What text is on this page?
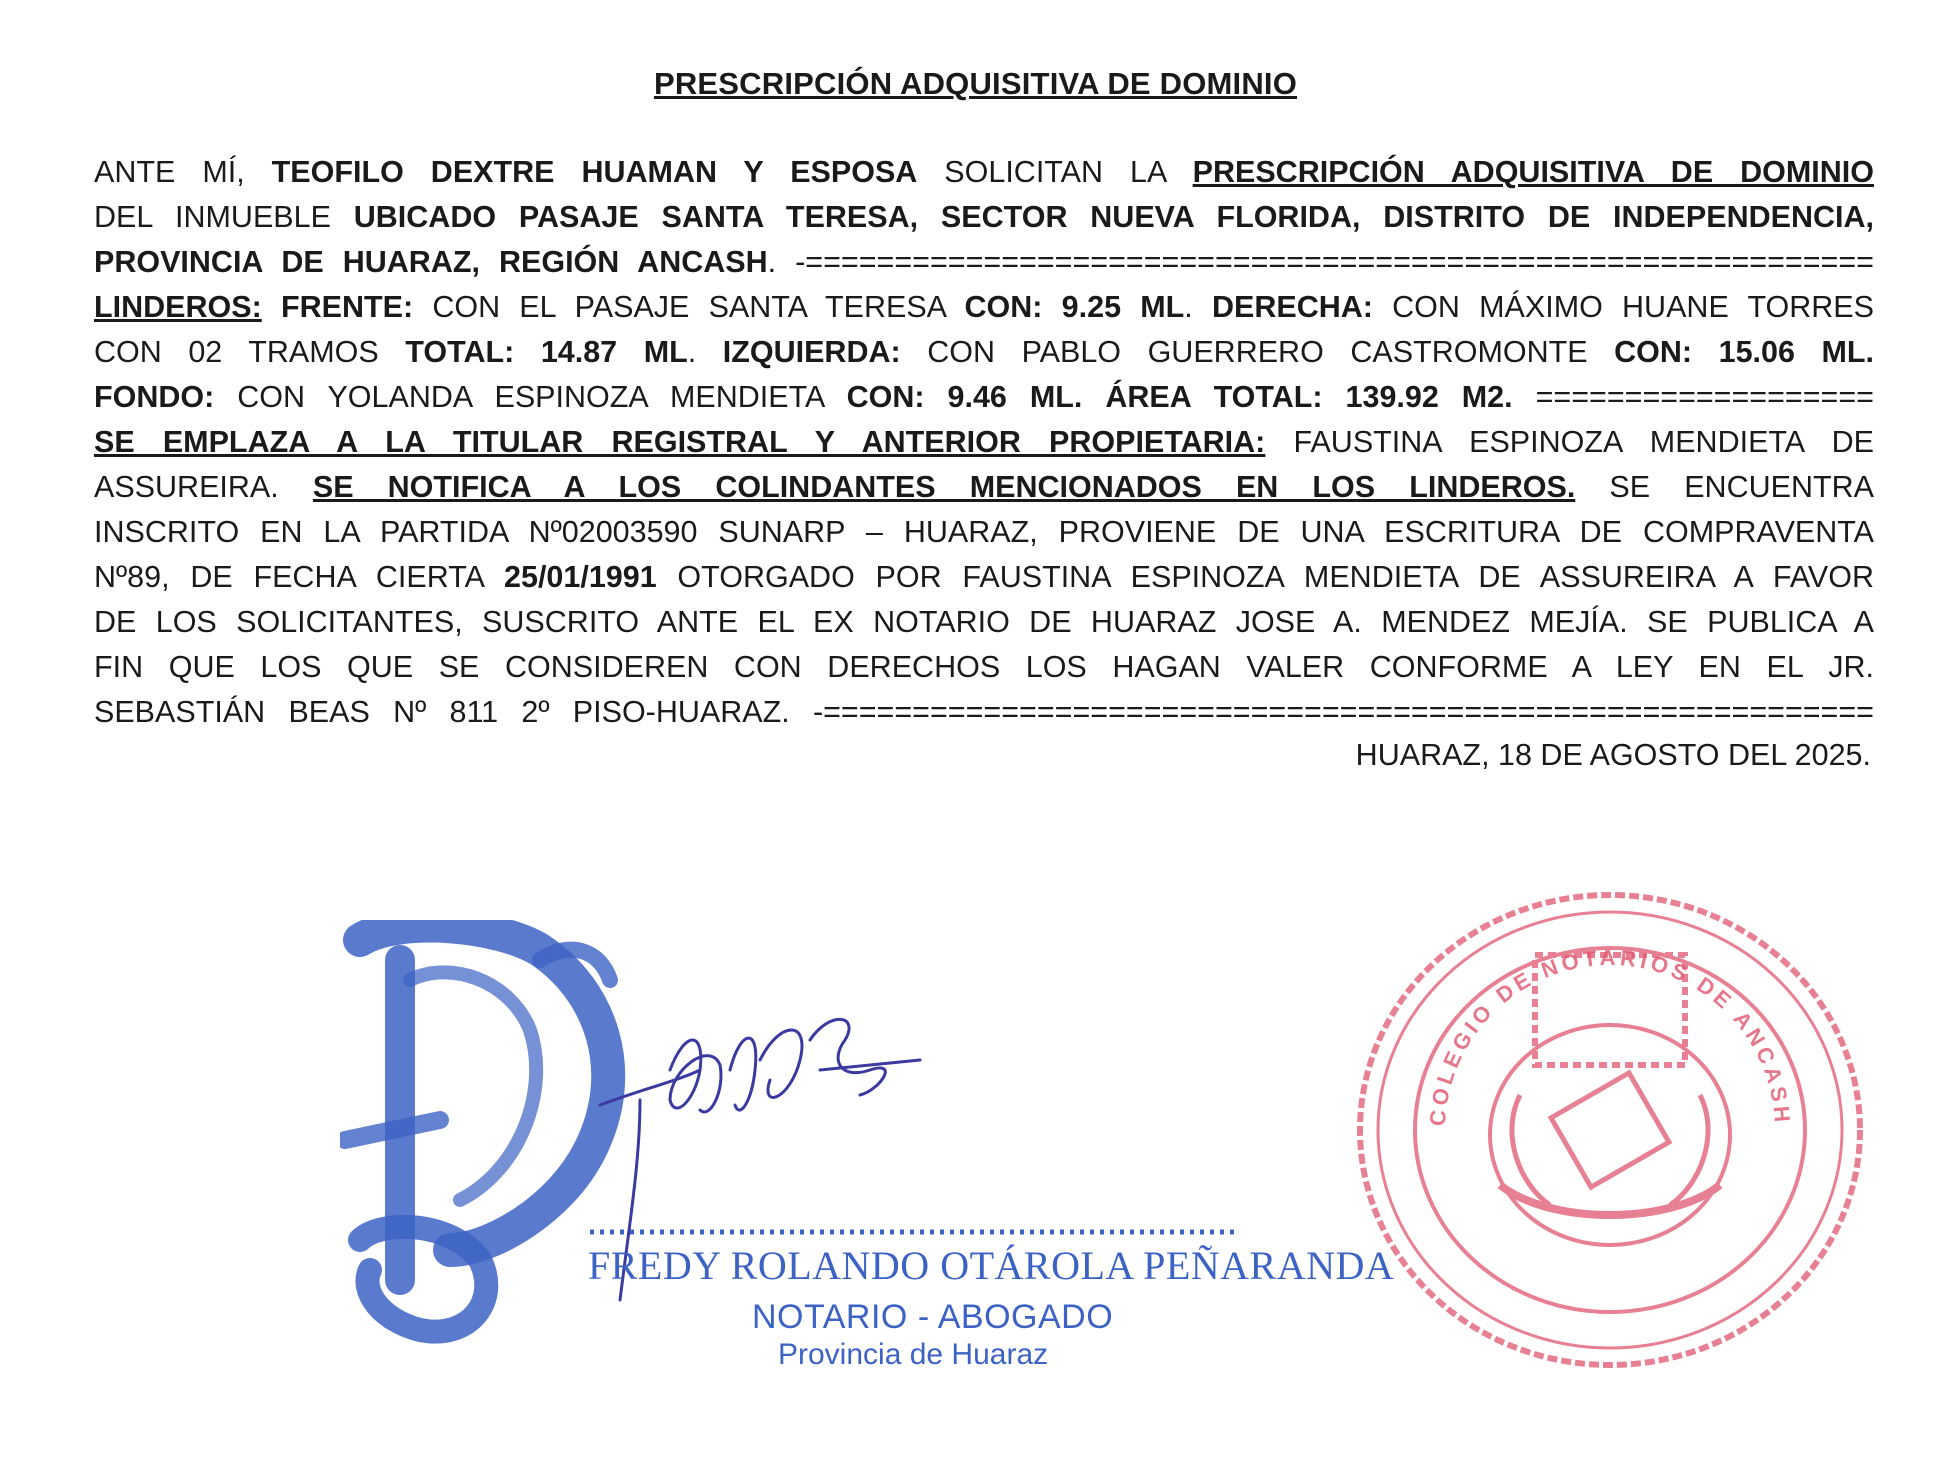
PRESCRIPCIÓN ADQUISITIVA DE DOMINIO
ANTE MÍ, TEOFILO DEXTRE HUAMAN Y ESPOSA SOLICITAN LA PRESCRIPCIÓN ADQUISITIVA DE DOMINIO
DEL INMUEBLE UBICADO PASAJE SANTA TERESA, SECTOR NUEVA FLORIDA, DISTRITO DE INDEPENDENCIA,
PROVINCIA DE HUARAZ, REGIÓN ANCASH. -============================================================
LINDEROS: FRENTE: CON EL PASAJE SANTA TERESA CON: 9.25 ML. DERECHA: CON MÁXIMO HUANE TORRES
CON 02 TRAMOS TOTAL: 14.87 ML. IZQUIERDA: CON PABLO GUERRERO CASTROMONTE CON: 15.06 ML.
FONDO: CON YOLANDA ESPINOZA MENDIETA CON: 9.46 ML. ÁREA TOTAL: 139.92 M2. ===================
SE EMPLAZA A LA TITULAR REGISTRAL Y ANTERIOR PROPIETARIA: FAUSTINA ESPINOZA MENDIETA DE
ASSUREIRA. SE NOTIFICA A LOS COLINDANTES MENCIONADOS EN LOS LINDEROS. SE ENCUENTRA
INSCRITO EN LA PARTIDA Nº02003590 SUNARP – HUARAZ, PROVIENE DE UNA ESCRITURA DE COMPRAVENTA
Nº89, DE FECHA CIERTA 25/01/1991 OTORGADO POR FAUSTINA ESPINOZA MENDIETA DE ASSUREIRA A FAVOR
DE LOS SOLICITANTES, SUSCRITO ANTE EL EX NOTARIO DE HUARAZ JOSE A. MENDEZ MEJÍA. SE PUBLICA A
FIN QUE LOS QUE SE CONSIDEREN CON DERECHOS LOS HAGAN VALER CONFORME A LEY EN EL JR.
SEBASTIÁN BEAS Nº 811 2º PISO-HUARAZ. -===========================================================
HUARAZ, 18 DE AGOSTO DEL 2025.
FREDY ROLANDO OTÁROLA PEÑARANDA
NOTARIO - ABOGADO
Provincia de Huaraz
COLEGIO DE NOTARIOS DE ANCASH
